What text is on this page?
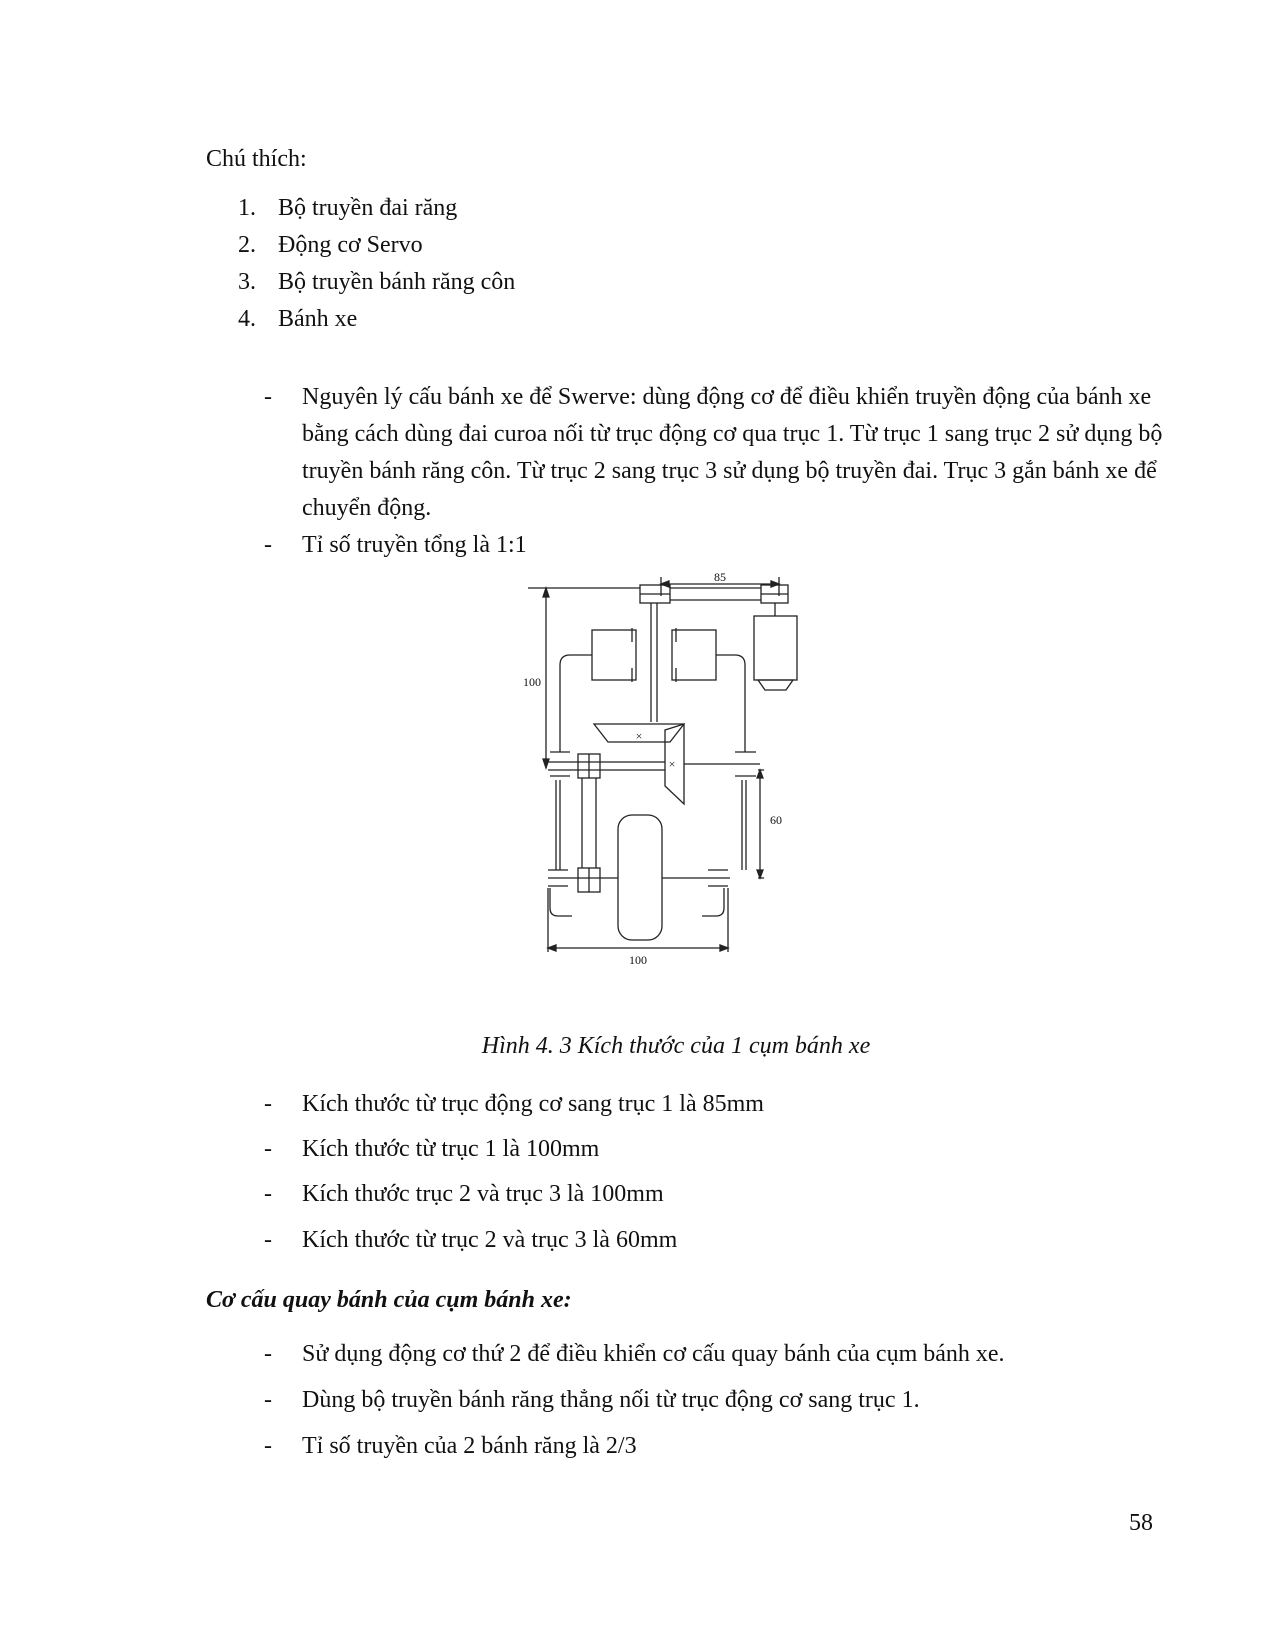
Chú thích:
1. Bộ truyền đai răng
2. Động cơ Servo
3. Bộ truyền bánh răng côn
4. Bánh xe
- Nguyên lý cấu bánh xe để Swerve: dùng động cơ để điều khiển truyền động của bánh xe bằng cách dùng đai curoa nối từ trục động cơ qua trục 1. Từ trục 1 sang trục 2 sử dụng bộ truyền bánh răng côn. Từ trục 2 sang trục 3 sử dụng bộ truyền đai. Trục 3 gắn bánh xe để chuyển động.
- Tỉ số truyền tổng là 1:1
85
100
×
×
60
100
Hình 4. 3 Kích thước của 1 cụm bánh xe
- Kích thước từ trục động cơ sang trục 1 là 85mm
- Kích thước từ trục 1 là 100mm
- Kích thước trục 2 và trục 3 là 100mm
- Kích thước từ trục 2 và trục 3 là 60mm
Cơ cấu quay bánh của cụm bánh xe:
- Sử dụng động cơ thứ 2 để điều khiển cơ cấu quay bánh của cụm bánh xe.
- Dùng bộ truyền bánh răng thẳng nối từ trục động cơ sang trục 1.
- Tỉ số truyền của 2 bánh răng là 2/3
58
